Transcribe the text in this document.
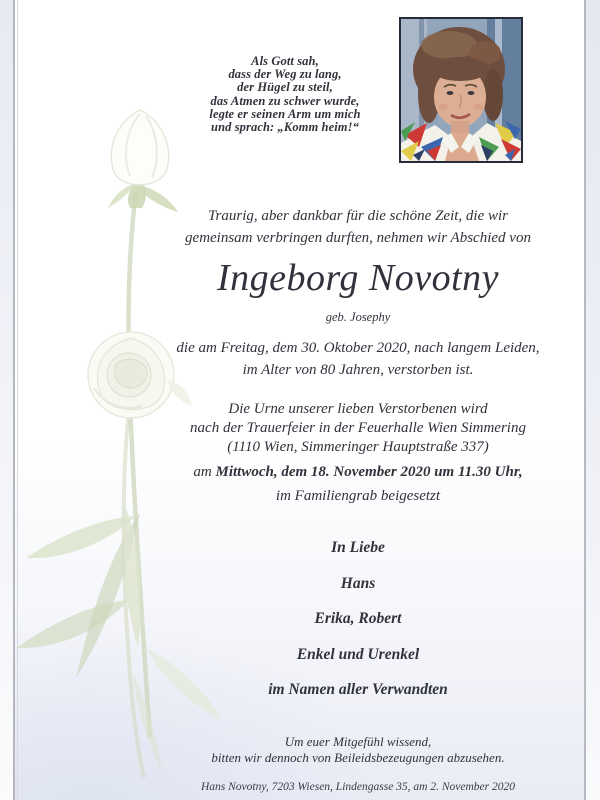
Als Gott sah,
dass der Weg zu lang,
der Hügel zu steil,
das Atmen zu schwer wurde,
legte er seinen Arm um mich
und sprach: „Komm heim!“
Traurig, aber dankbar für die schöne Zeit, die wir
gemeinsam verbringen durften, nehmen wir Abschied von
Ingeborg Novotny
geb. Josephy
die am Freitag, dem 30. Oktober 2020, nach langem Leiden,
im Alter von 80 Jahren, verstorben ist.
Die Urne unserer lieben Verstorbenen wird
nach der Trauerfeier in der Feuerhalle Wien Simmering
(1110 Wien, Simmeringer Hauptstraße 337)
am Mittwoch, dem 18. November 2020 um 11.30 Uhr,
im Familiengrab beigesetzt
In Liebe
Hans
Erika, Robert
Enkel und Urenkel
im Namen aller Verwandten
Um euer Mitgefühl wissend,
bitten wir dennoch von Beileidsbezeugungen abzusehen.
Hans Novotny, 7203 Wiesen, Lindengasse 35, am 2. November 2020
